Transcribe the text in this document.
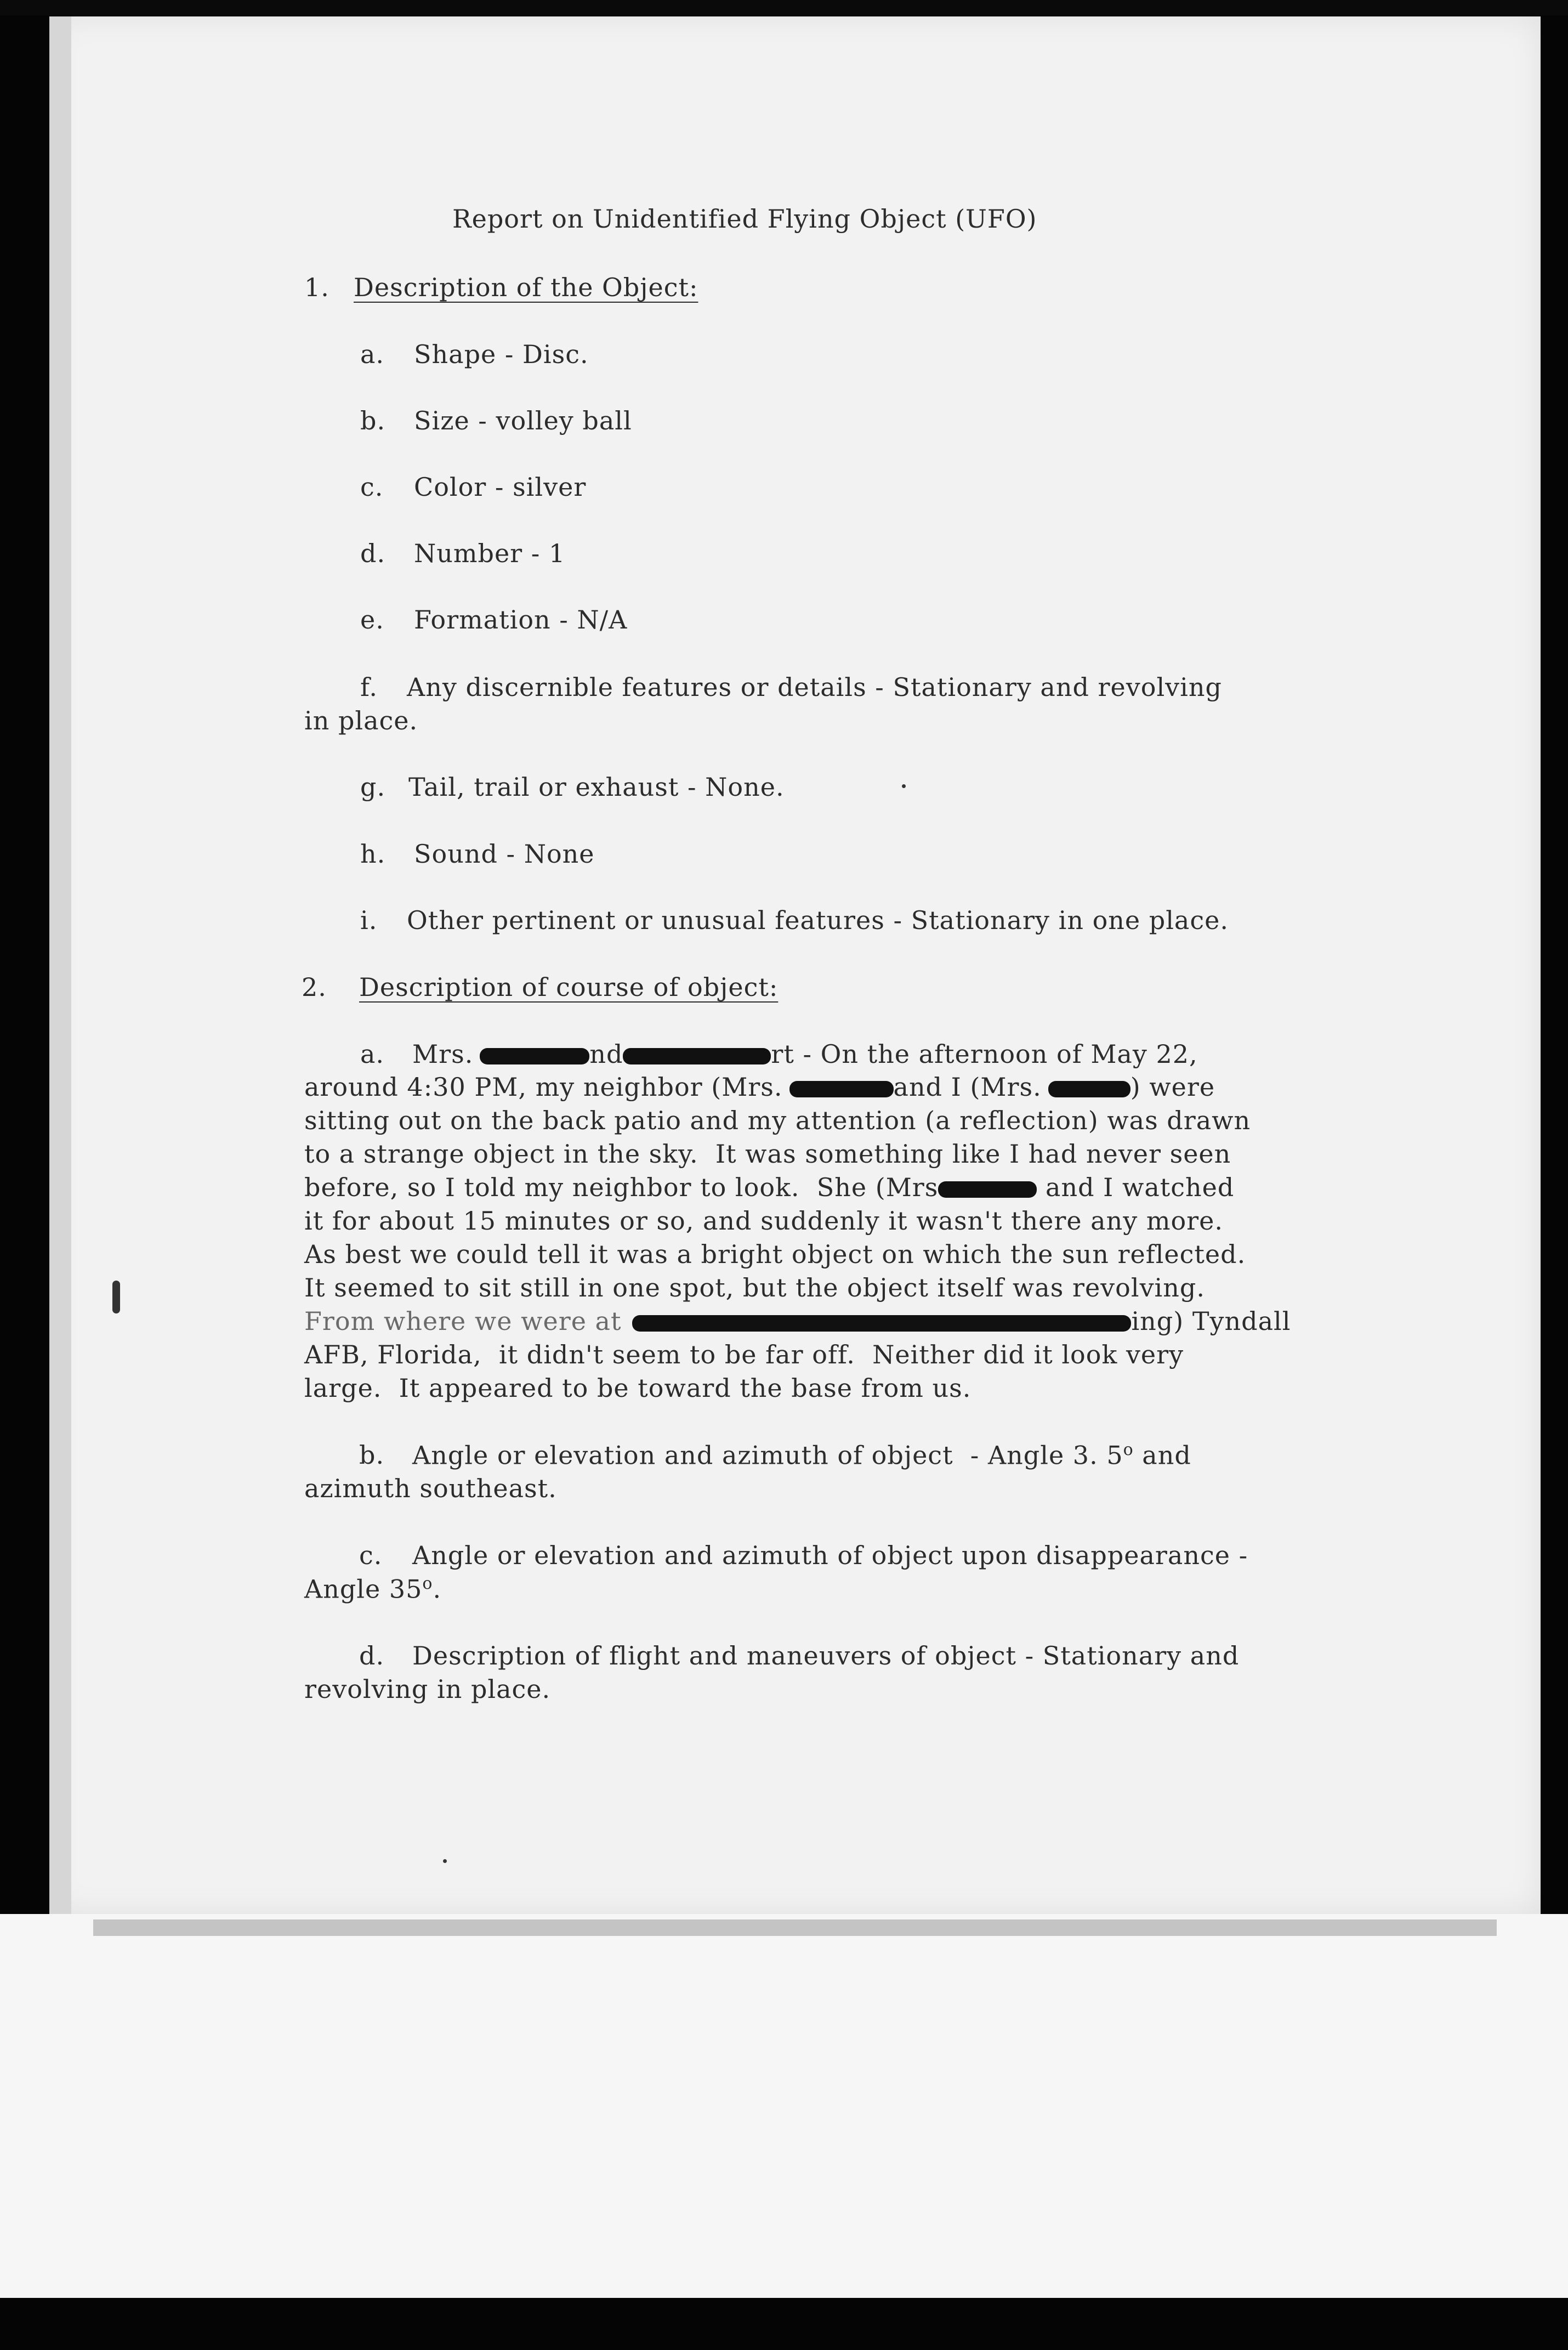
Report on Unidentified Flying Object (UFO)
1. Description of the Object:
a. Shape - Disc.
b. Size - volley ball
c. Color - silver
d. Number - 1
e. Formation - N/A
f. Any discernible features or details - Stationary and revolving
in place.
g. Tail, trail or exhaust - None.
h. Sound - None
i. Other pertinent or unusual features - Stationary in one place.
2. Description of course of object:
a. Mrs.	nd	rt - On the afternoon of May 22,
around 4:30 PM, my neighbor (Mrs.	and I (Mrs.	) were
sitting out on the back patio and my attention (a reflection) was drawn
to a strange object in the sky.  It was something like I had never seen
before, so I told my neighbor to look.  She (Mrs	and I watched
it for about 15 minutes or so, and suddenly it wasn't there any more.
As best we could tell it was a bright object on which the sun reflected.
It seemed to sit still in one spot, but the object itself was revolving.
From where we were at	ing) Tyndall
AFB, Florida,  it didn't seem to be far off.  Neither did it look very
large.  It appeared to be toward the base from us.
b. Angle or elevation and azimuth of object  - Angle 3. 5$^o$ and
azimuth southeast.
c. Angle or elevation and azimuth of object upon disappearance -
Angle 35$^o$.
d. Description of flight and maneuvers of object - Stationary and
revolving in place.
